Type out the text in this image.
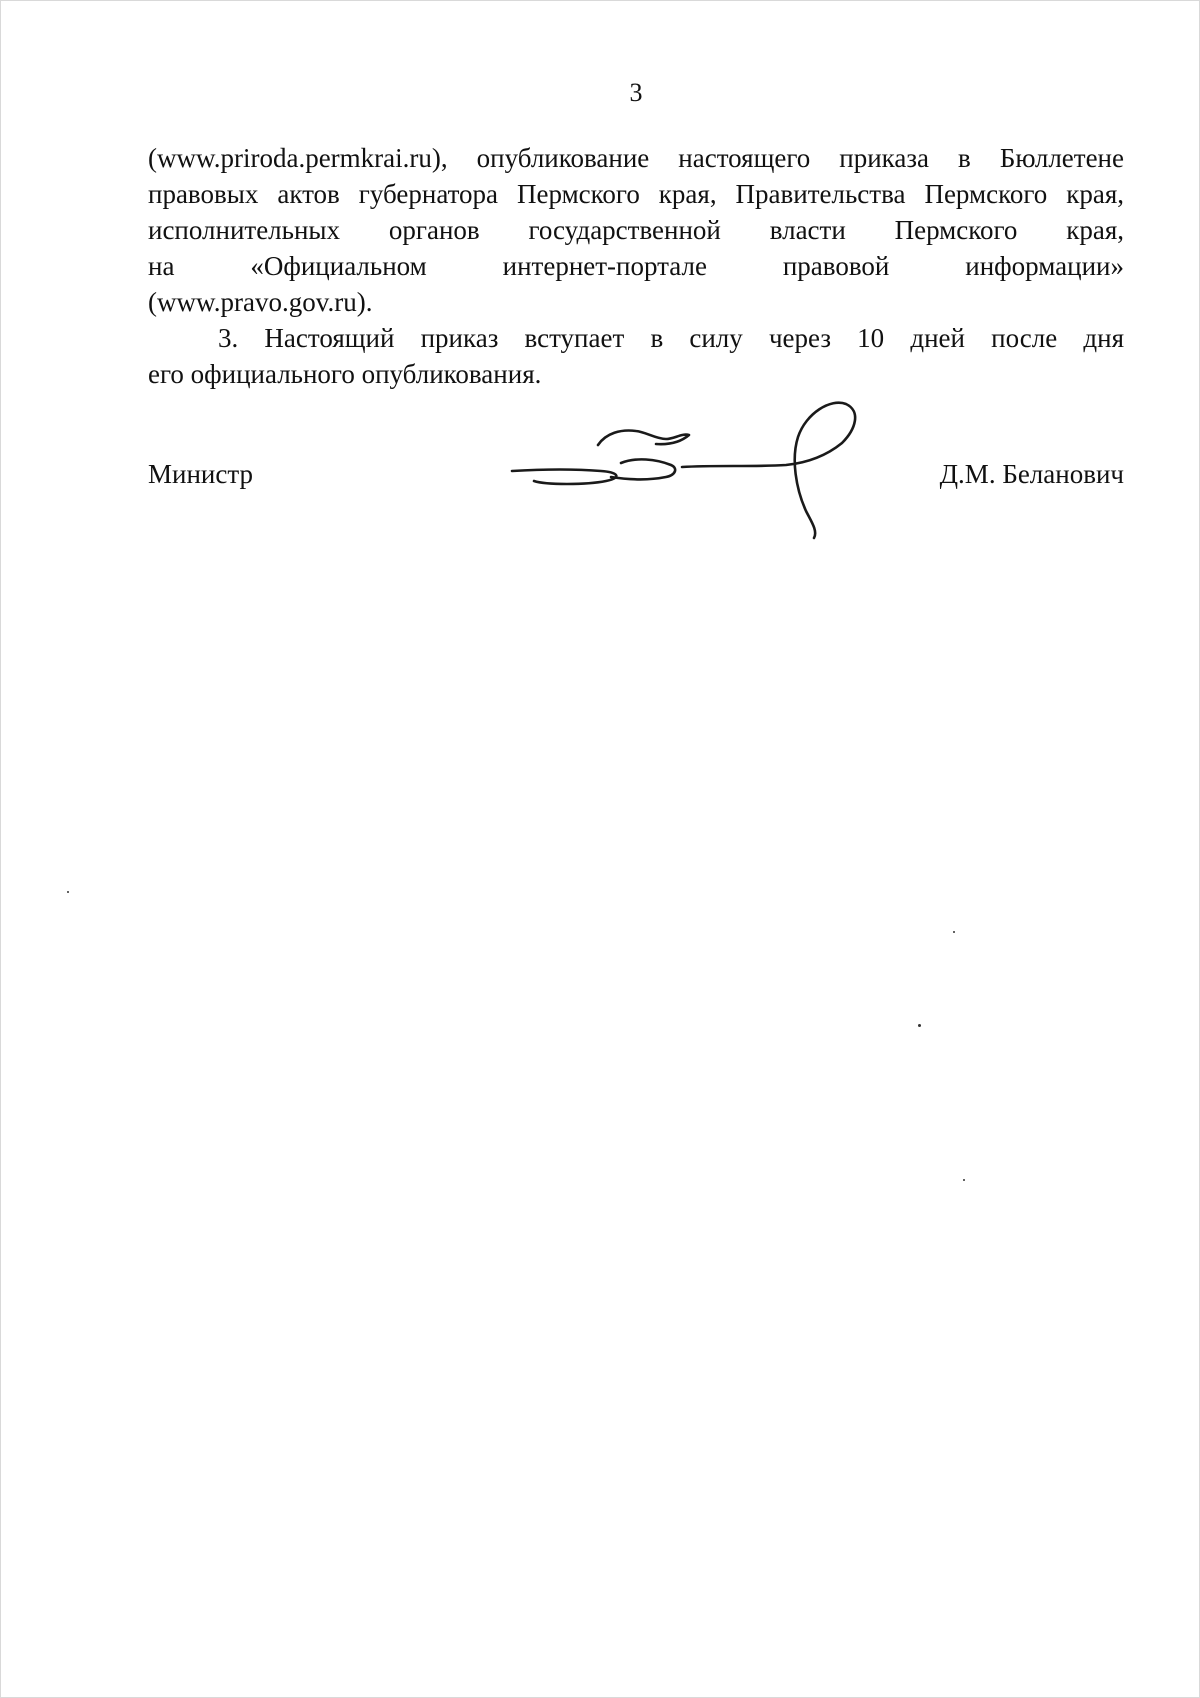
3
(www.priroda.permkrai.ru), опубликование настоящего приказа в Бюллетене
правовых актов губернатора Пермского края, Правительства Пермского края,
исполнительных органов государственной власти Пермского края,
на «Официальном интернет-портале правовой информации»
(www.pravo.gov.ru).
3. Настоящий приказ вступает в силу через 10 дней после дня
его официального опубликования.
Министр	Д.М. Беланович
